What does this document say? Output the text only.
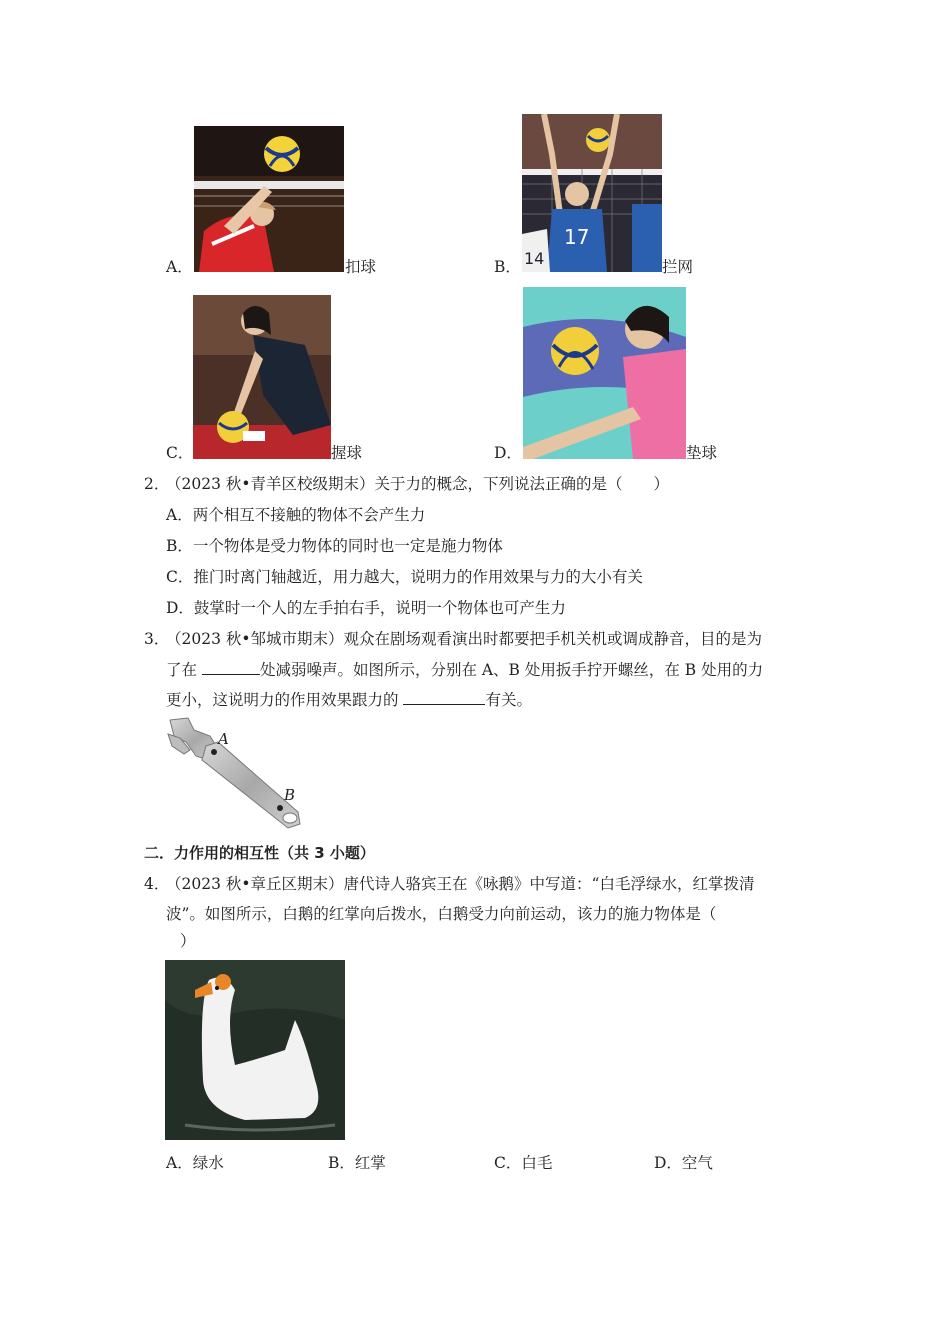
A．	扣球
17
14
B．	拦网
C．	握球	D．	垫球
2．
（2023 秋•青羊区校级期末）关于力的概念，下列说法正确的是（　　）
A．两个相互不接触的物体不会产生力
B．一个物体是受力物体的同时也一定是施力物体
C．推门时离门轴越近，用力越大，说明力的作用效果与力的大小有关
D．鼓掌时一个人的左手拍右手，说明一个物体也可产生力
3．
（2023 秋•邹城市期末）观众在剧场观看演出时都要把手机关机或调成静音，目的是为
了在	处减弱噪声。如图所示，分别在 A、B 处用扳手拧开螺丝，在 B 处用的力
更小，这说明力的作用效果跟力的	有关。
A
B
二．力作用的相互性（共 3 小题）
4．
（2023 秋•章丘区期末）唐代诗人骆宾王在《咏鹅》中写道：“白毛浮绿水，红掌拨清
波”。如图所示，白鹅的红掌向后拨水，白鹅受力向前运动，该力的施力物体是（
）
A．绿水	B．红掌	C．白毛	D．空气
